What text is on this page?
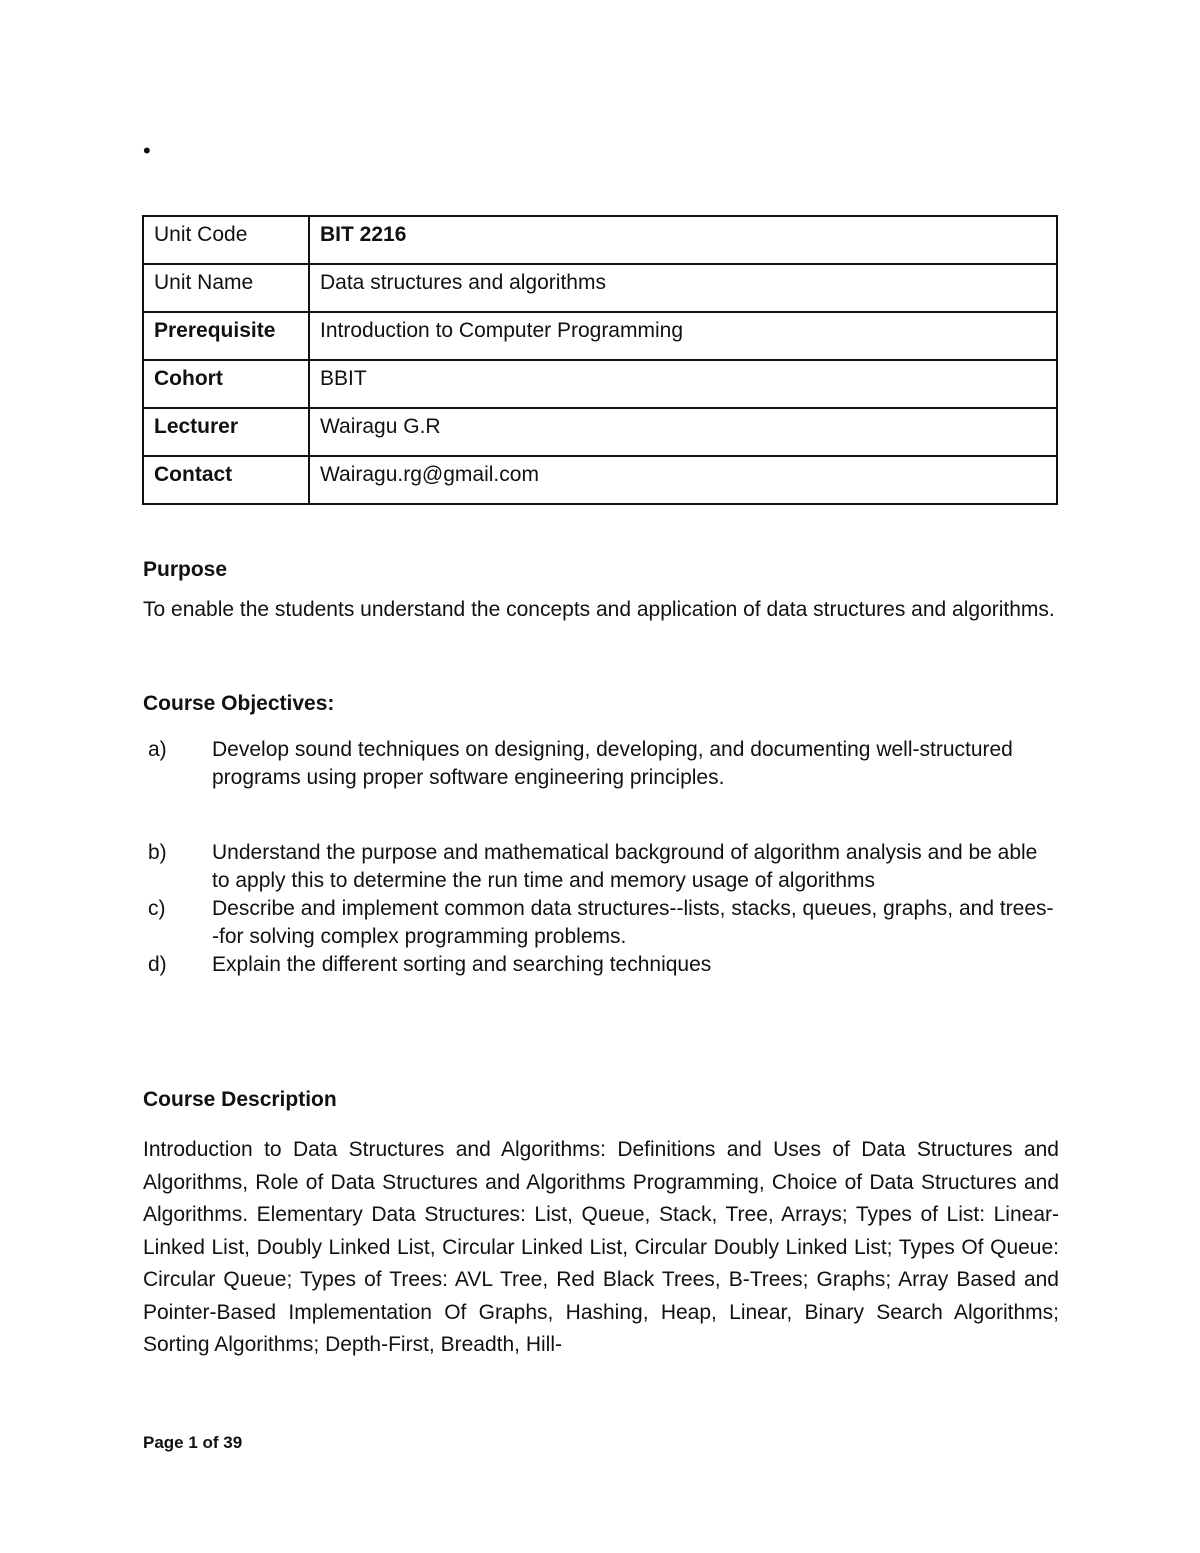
•
Unit Code	BIT 2216
Unit Name	Data structures and algorithms
Prerequisite	Introduction to Computer Programming
Cohort	BBIT
Lecturer	Wairagu G.R
Contact	Wairagu.rg@gmail.com
Purpose

To enable the students understand the concepts and application of data structures and algorithms.

Course Objectives:
a) Develop sound techniques on designing, developing, and documenting well-structured programs using proper software engineering principles.
b) Understand the purpose and mathematical background of algorithm analysis and be able to apply this to determine the run time and memory usage of algorithms
c) Describe and implement common data structures--lists, stacks, queues, graphs, and trees--for solving complex programming problems.
d) Explain the different sorting and searching techniques
Course Description

Introduction to Data Structures and Algorithms: Definitions and Uses of Data Structures and Algorithms, Role of Data Structures and Algorithms Programming, Choice of Data Structures and Algorithms. Elementary Data Structures: List, Queue, Stack, Tree, Arrays; Types of List: Linear-Linked List, Doubly Linked List, Circular Linked List, Circular Doubly Linked List; Types Of Queue: Circular Queue; Types of Trees: AVL Tree, Red Black Trees, B-Trees; Graphs; Array Based and Pointer-Based Implementation Of Graphs, Hashing, Heap, Linear, Binary Search Algorithms; Sorting Algorithms; Depth-First, Breadth, Hill-

Page 1 of 39
